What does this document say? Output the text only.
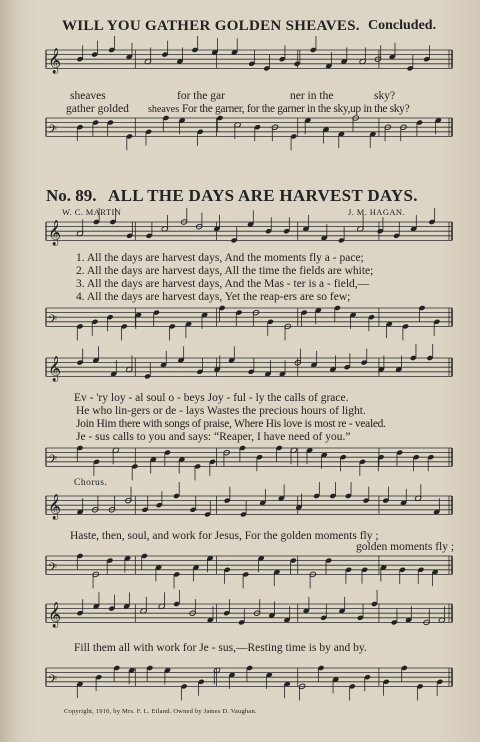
𝄞
𝄢
𝄞
𝄢
𝄞
𝄢
𝄞
𝄢
𝄞
𝄢
WILL YOU GATHER GOLDEN SHEAVES. Concluded.
sheaves	for the gar	ner in the	sky?
gather golded sheaves For the garner, for the garner in the sky,up in the sky?
No. 89. ALL THE DAYS ARE HARVEST DAYS.
W. C. MARTIN	J. M. HAGAN.
1. All the days are harvest days, And the moments fly a - pace;
2. All the days are harvest days, All the time the fields are white;
3. All the days are harvest days, And the Mas - ter is a - field,—
4. All the days are harvest days, Yet the reap-ers are so few;
Ev - 'ry loy - al soul o - beys Joy - ful - ly the calls of grace.
He who lin-gers or de - lays Wastes the precious hours of light.
Join Him there with songs of praise, Where His love is most re - vealed.
Je - sus calls to you and says: “Reaper, I have need of you.”
Chorus.
Haste, then, soul, and work for Jesus, For the golden moments fly ;
golden moments fly ;
Fill them all with work for Je - sus,—Resting time is by and by.
Copyright, 1910, by Mrs. F. L. Eiland. Owned by James D. Vaughan.
